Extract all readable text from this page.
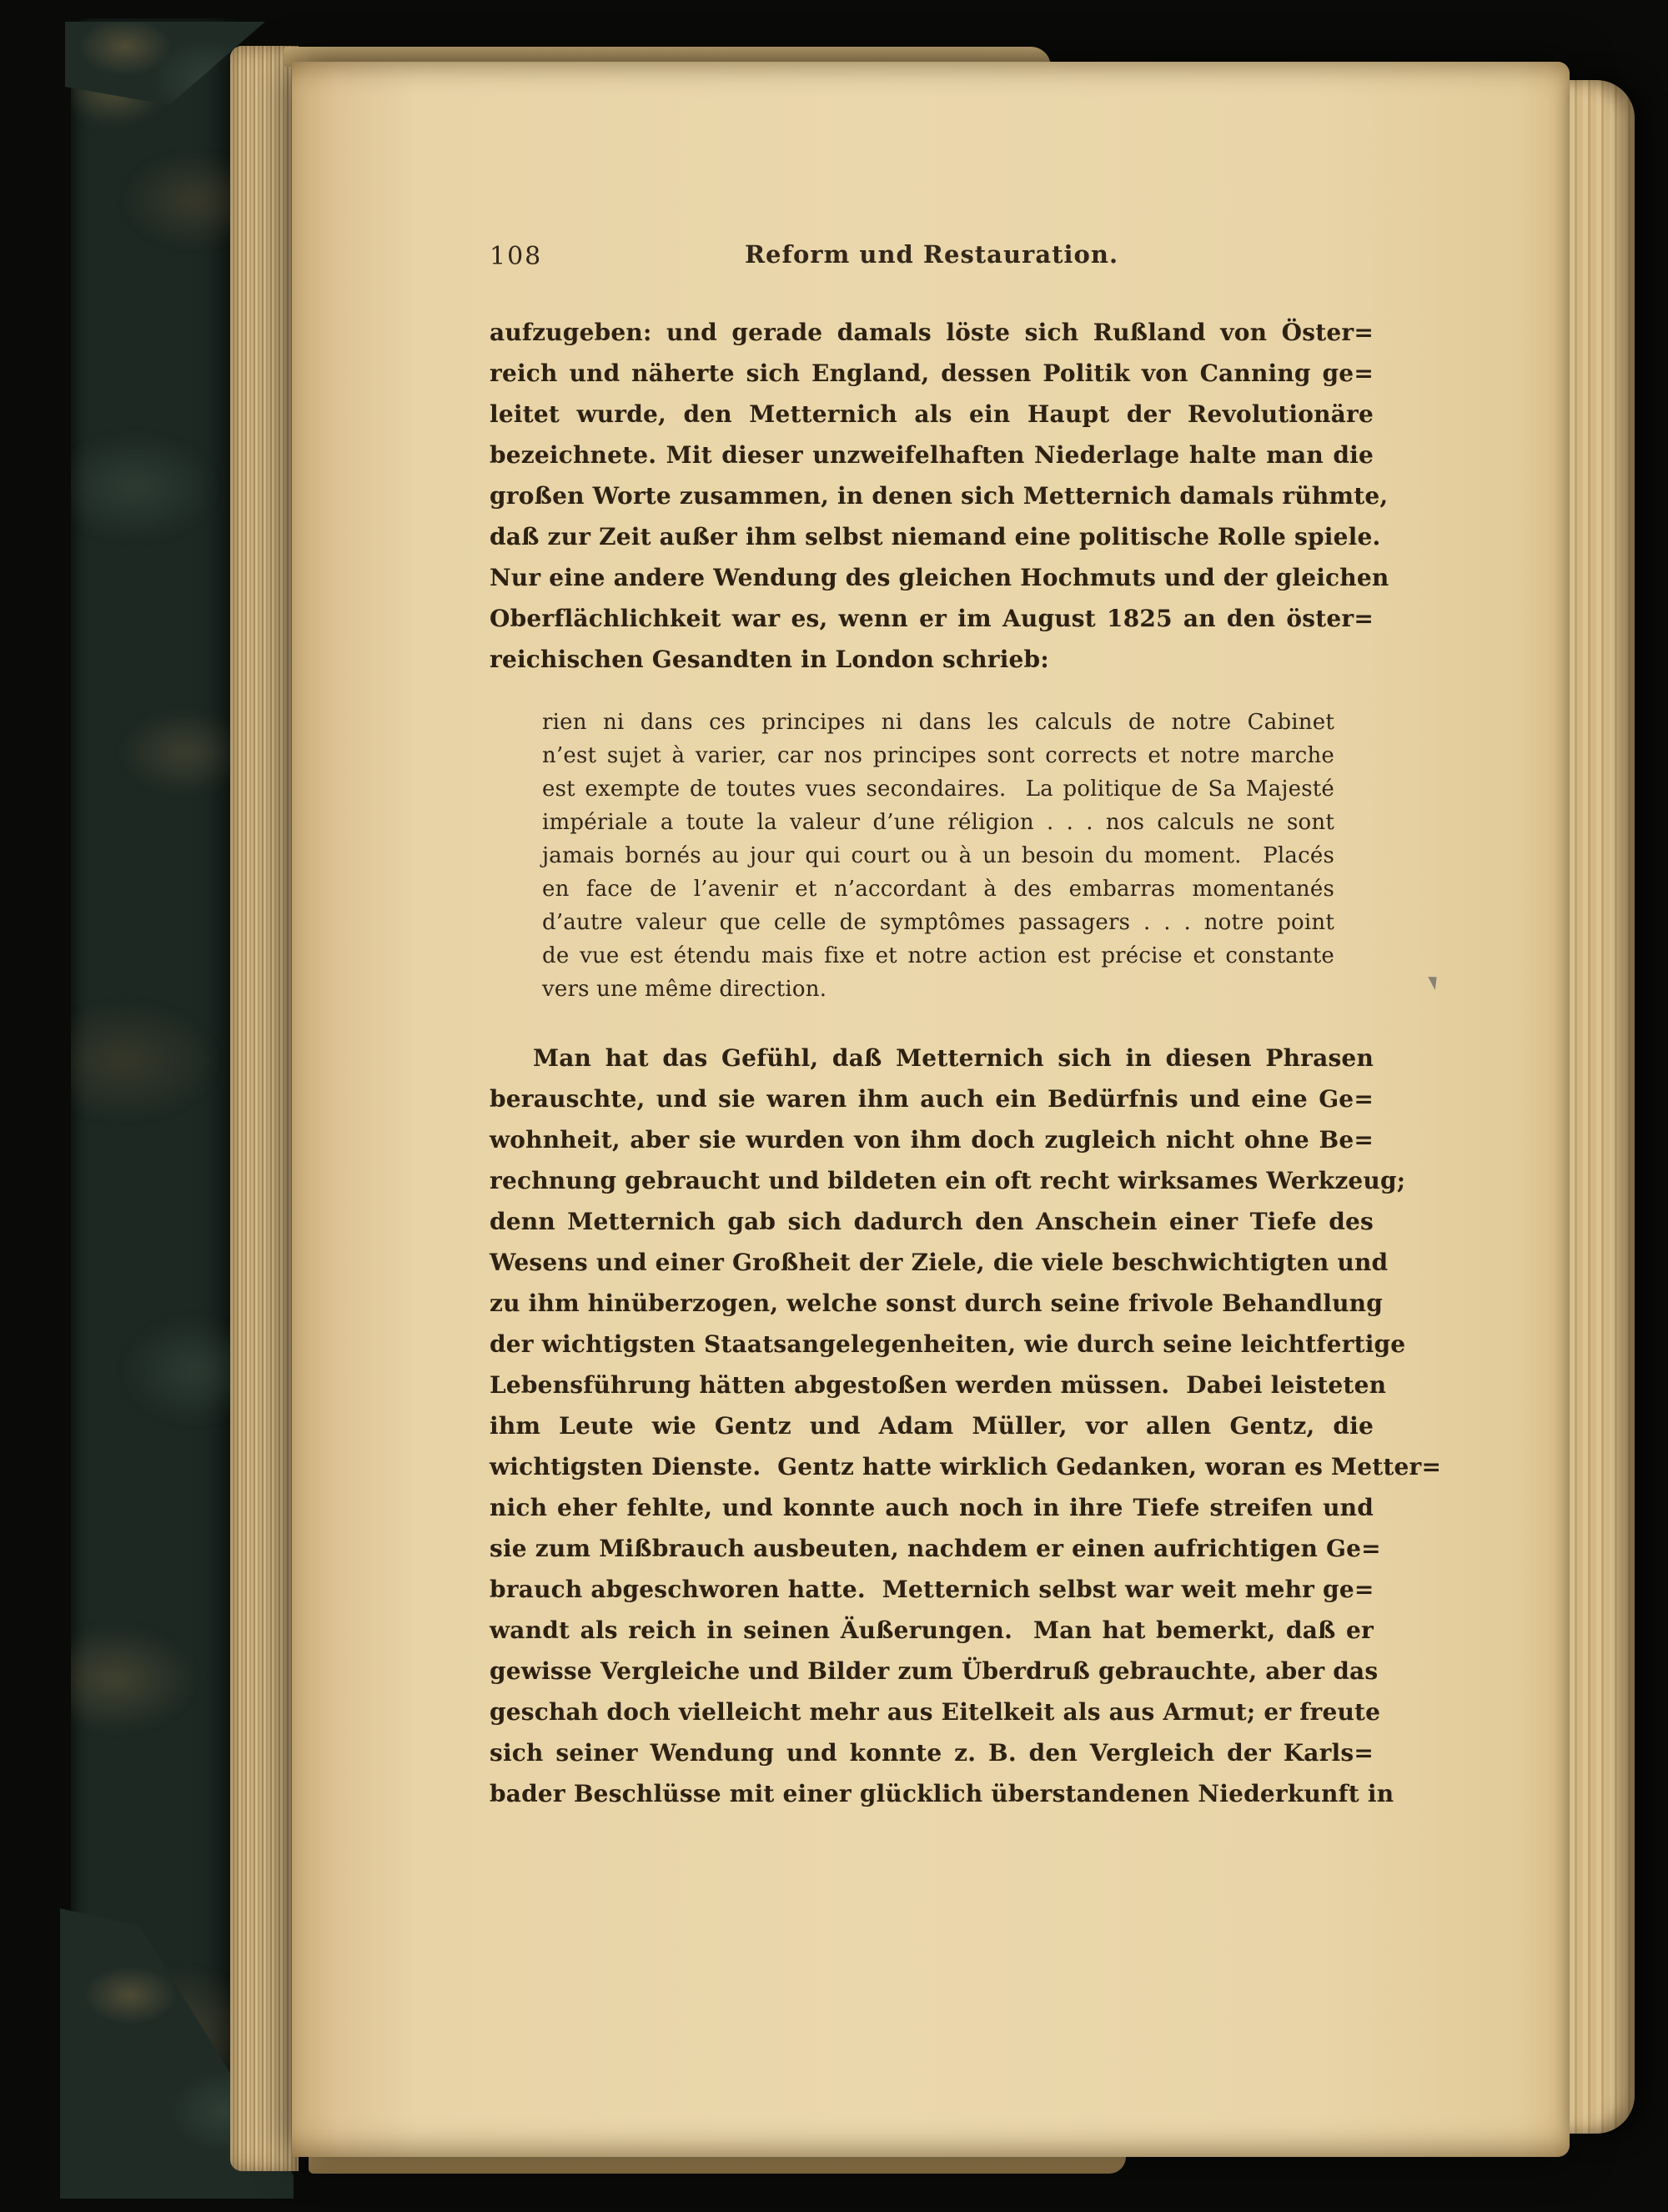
108	Reform und Restauration.
aufzugeben: und gerade damals löste sich Rußland von Öster=
reich und näherte sich England, dessen Politik von Canning ge=
leitet wurde, den Metternich als ein Haupt der Revolutionäre
bezeichnete. Mit dieser unzweifelhaften Niederlage halte man die
großen Worte zusammen, in denen sich Metternich damals rühmte,
daß zur Zeit außer ihm selbst niemand eine politische Rolle spiele.
Nur eine andere Wendung des gleichen Hochmuts und der gleichen
Oberflächlichkeit war es, wenn er im August 1825 an den öster=
reichischen Gesandten in London schrieb:
rien ni dans ces principes ni dans les calculs de notre Cabinet
n’est sujet à varier, car nos principes sont corrects et notre marche
est exempte de toutes vues secondaires.  La politique de Sa Majesté
impériale a toute la valeur d’une réligion . . . nos calculs ne sont
jamais bornés au jour qui court ou à un besoin du moment.  Placés
en face de l’avenir et n’accordant à des embarras momentanés
d’autre valeur que celle de symptômes passagers . . . notre point
de vue est étendu mais fixe et notre action est précise et constante
vers une même direction.
Man hat das Gefühl, daß Metternich sich in diesen Phrasen
berauschte, und sie waren ihm auch ein Bedürfnis und eine Ge=
wohnheit, aber sie wurden von ihm doch zugleich nicht ohne Be=
rechnung gebraucht und bildeten ein oft recht wirksames Werkzeug;
denn Metternich gab sich dadurch den Anschein einer Tiefe des
Wesens und einer Großheit der Ziele, die viele beschwichtigten und
zu ihm hinüberzogen, welche sonst durch seine frivole Behandlung
der wichtigsten Staatsangelegenheiten, wie durch seine leichtfertige
Lebensführung hätten abgestoßen werden müssen.  Dabei leisteten
ihm Leute wie Gentz und Adam Müller, vor allen Gentz, die
wichtigsten Dienste.  Gentz hatte wirklich Gedanken, woran es Metter=
nich eher fehlte, und konnte auch noch in ihre Tiefe streifen und
sie zum Mißbrauch ausbeuten, nachdem er einen aufrichtigen Ge=
brauch abgeschworen hatte.  Metternich selbst war weit mehr ge=
wandt als reich in seinen Äußerungen.  Man hat bemerkt, daß er
gewisse Vergleiche und Bilder zum Überdruß gebrauchte, aber das
geschah doch vielleicht mehr aus Eitelkeit als aus Armut; er freute
sich seiner Wendung und konnte z. B. den Vergleich der Karls=
bader Beschlüsse mit einer glücklich überstandenen Niederkunft in
